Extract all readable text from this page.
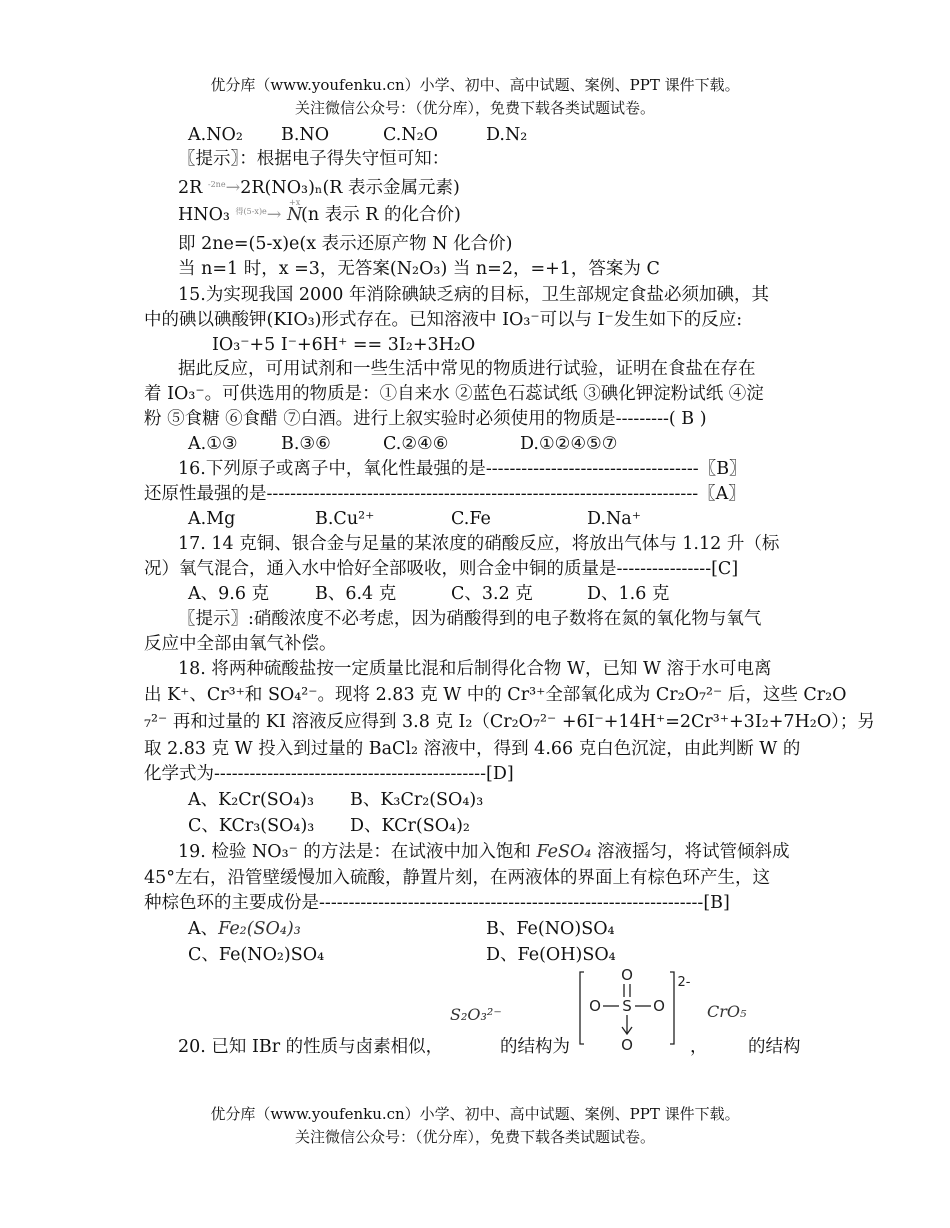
优分库（www.youfenku.cn）小学、初中、高中试题、案例、PPT 课件下载。
关注微信公众号：（优分库），免费下载各类试题试卷。
A.NO₂ B.NO	C.N₂O	D.N₂
〖提示〗：根据电子得失守恒可知：
2R $^{-2ne}$→2R(NO₃)ₙ(R 表示金属元素)
HNO₃ $^{得(5-x)e}$→
+x
N(n 表示 R 的化合价)
即 2ne=(5-x)e(x 表示还原产物 N 化合价)
当 n=1 时，x =3，无答案(N₂O₃) 当 n=2，=+1，答案为 C
15.为实现我国 2000 年消除碘缺乏病的目标，卫生部规定食盐必须加碘，其
中的碘以碘酸钾(KIO₃)形式存在。已知溶液中 IO₃⁻可以与 I⁻发生如下的反应:
IO₃⁻+5 I⁻+6H⁺ == 3I₂+3H₂O
据此反应，可用试剂和一些生活中常见的物质进行试验，证明在食盐在存在
着 IO₃⁻。可供选用的物质是：①自来水 ②蓝色石蕊试纸 ③碘化钾淀粉试纸 ④淀
粉 ⑤食糖 ⑥食醋 ⑦白酒。进行上叙实验时必须使用的物质是---------( B )
A.①③ B.③⑥	C.②④⑥	D.①②④⑤⑦
16.下列原子或离子中，氧化性最强的是------------------------------------〖B〗
还原性最强的是-------------------------------------------------------------------------〖A〗
A.Mg	B.Cu²⁺	C.Fe	D.Na⁺
17. 14 克铜、银合金与足量的某浓度的硝酸反应，将放出气体与 1.12 升（标
况）氧气混合，通入水中恰好全部吸收，则合金中铜的质量是----------------[C]
A、9.6 克	B、6.4 克	C、3.2 克	D、1.6 克
〖提示〗:硝酸浓度不必考虑，因为硝酸得到的电子数将在氮的氧化物与氧气
反应中全部由氧气补偿。
18. 将两种硫酸盐按一定质量比混和后制得化合物 W，已知 W 溶于水可电离
出 K⁺、Cr³⁺和 SO₄²⁻。现将 2.83 克 W 中的 Cr³⁺全部氧化成为 Cr₂O₇²⁻ 后，这些 Cr₂O
₇²⁻ 再和过量的 KI 溶液反应得到 3.8 克 I₂（Cr₂O₇²⁻ +6I⁻+14H⁺=2Cr³⁺+3I₂+7H₂O）；另
取 2.83 克 W 投入到过量的 BaCl₂ 溶液中，得到 4.66 克白色沉淀，由此判断 W 的
化学式为----------------------------------------------[D]
A、K₂Cr(SO₄)₃ B、K₃Cr₂(SO₄)₃
C、KCr₃(SO₄)₃ D、KCr(SO₄)₂
19. 检验 NO₃⁻ 的方法是：在试液中加入饱和 FeSO₄ 溶液摇匀，将试管倾斜成
45°左右，沿管壁缓慢加入硫酸，静置片刻，在两液体的界面上有棕色环产生，这
种棕色环的主要成份是-----------------------------------------------------------------[B]
A、Fe₂(SO₄)₃	B、Fe(NO)SO₄
C、Fe(NO₂)SO₄	D、Fe(OH)SO₄
S₂O₃²⁻	CrO₅
O
O S O
O
2-
20. 已知 IBr 的性质与卤素相似，	的结构为	， 的结构
优分库（www.youfenku.cn）小学、初中、高中试题、案例、PPT 课件下载。
关注微信公众号：（优分库），免费下载各类试题试卷。
